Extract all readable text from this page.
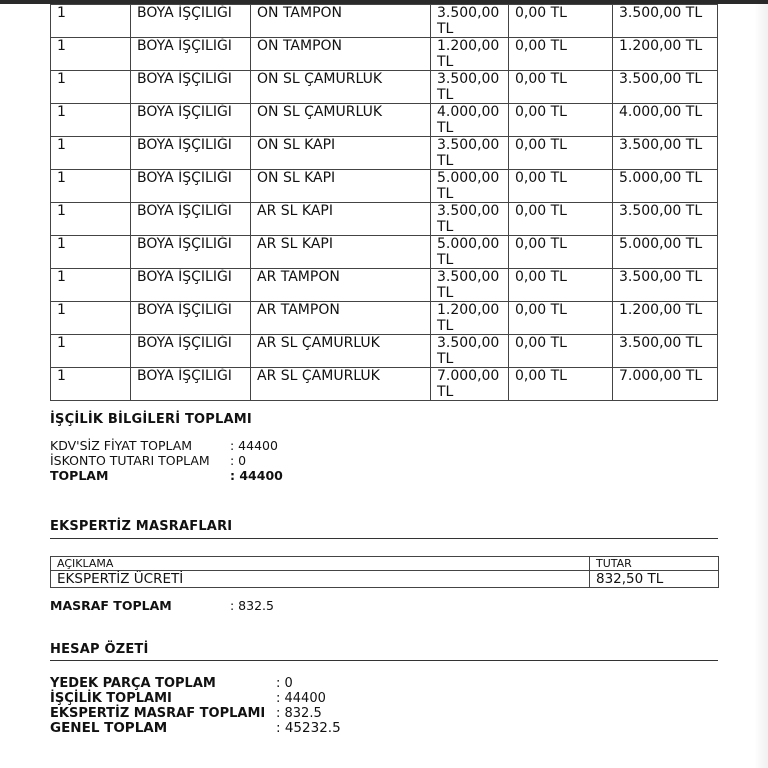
1	BOYA İŞÇILIĞI	ÖN TAMPON	3.500,00 TL	0,00 TL	3.500,00 TL
1	BOYA İŞÇILIĞI	ÖN TAMPON	1.200,00 TL	0,00 TL	1.200,00 TL
1	BOYA İŞÇILIĞI	ÖN SL ÇAMURLUK	3.500,00 TL	0,00 TL	3.500,00 TL
1	BOYA İŞÇILIĞI	ÖN SL ÇAMURLUK	4.000,00 TL	0,00 TL	4.000,00 TL
1	BOYA İŞÇILIĞI	ÖN SL KAPI	3.500,00 TL	0,00 TL	3.500,00 TL
1	BOYA İŞÇILIĞI	ÖN SL KAPI	5.000,00 TL	0,00 TL	5.000,00 TL
1	BOYA İŞÇILIĞI	AR SL KAPI	3.500,00 TL	0,00 TL	3.500,00 TL
1	BOYA İŞÇILIĞI	AR SL KAPI	5.000,00 TL	0,00 TL	5.000,00 TL
1	BOYA İŞÇILIĞI	AR TAMPON	3.500,00 TL	0,00 TL	3.500,00 TL
1	BOYA İŞÇILIĞI	AR TAMPON	1.200,00 TL	0,00 TL	1.200,00 TL
1	BOYA İŞÇILIĞI	AR SL ÇAMURLUK	3.500,00 TL	0,00 TL	3.500,00 TL
1	BOYA İŞÇILIĞI	AR SL ÇAMURLUK	7.000,00 TL	0,00 TL	7.000,00 TL
İŞÇİLİK BİLGİLERİ TOPLAMI
KDV'SİZ FİYAT TOPLAM	: 44400
İSKONTO TUTARI TOPLAM : 0
TOPLAM	: 44400
EKSPERTİZ MASRAFLARI
AÇIKLAMA	TUTAR
EKSPERTİZ ÜCRETİ	832,50 TL
MASRAF TOPLAM	: 832.5
HESAP ÖZETİ
YEDEK PARÇA TOPLAM	: 0
İŞÇİLİK TOPLAMI	: 44400
EKSPERTİZ MASRAF TOPLAMI : 832.5
GENEL TOPLAM	: 45232.5
